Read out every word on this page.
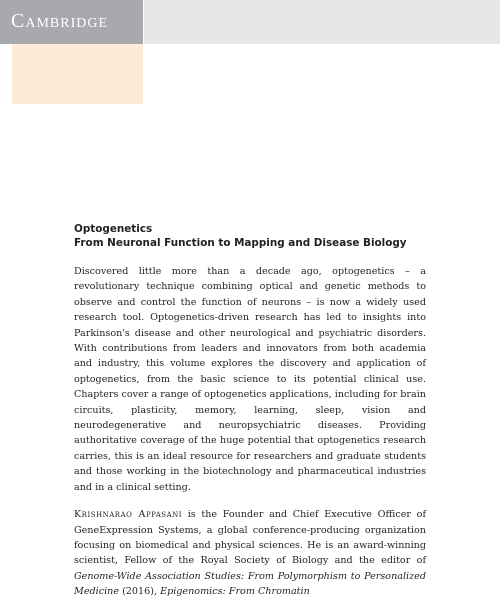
Cambridge

Optogenetics

From Neuronal Function to Mapping and Disease Biology

Discovered little more than a decade ago, optogenetics – a revolutionary technique combining optical and genetic methods to observe and control the function of neurons – is now a widely used research tool. Optogenetics-driven research has led to insights into Parkinson's disease and other neurological and psychiatric disorders. With contributions from leaders and innovators from both academia and industry, this volume explores the discovery and application of optogenetics, from the basic science to its potential clinical use. Chapters cover a range of optogenetics applications, including for brain circuits, plasticity, memory, learning, sleep, vision and neurodegenerative and neuropsychiatric diseases. Providing authoritative coverage of the huge potential that optogenetics research carries, this is an ideal resource for researchers and graduate students and those working in the biotechnology and pharmaceutical industries and in a clinical setting.

Krishnarao Appasani is the Founder and Chief Executive Officer of GeneExpression Systems, a global conference-producing organization focusing on biomedical and physical sciences. He is an award-winning scientist, Fellow of the Royal Society of Biology and the editor of Genome-Wide Association Studies: From Polymorphism to Personalized Medicine (2016), Epigenomics: From Chromatin
